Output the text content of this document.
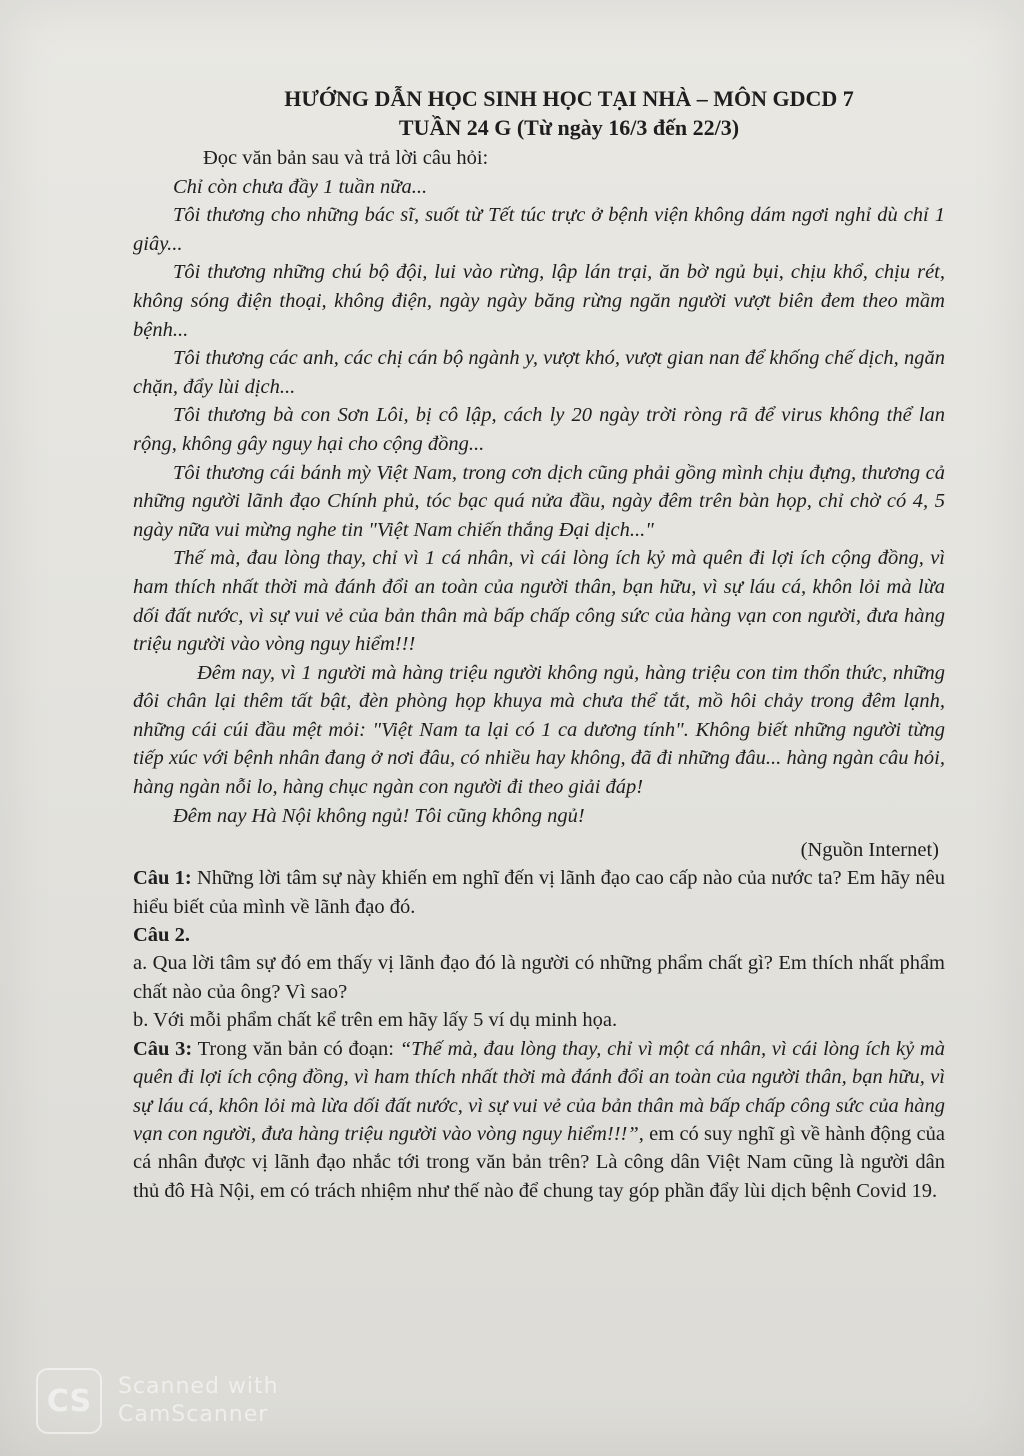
HƯỚNG DẪN HỌC SINH HỌC TẠI NHÀ – MÔN GDCD 7

TUẦN 24 G (Từ ngày 16/3 đến 22/3)

Đọc văn bản sau và trả lời câu hỏi:

Chỉ còn chưa đầy 1 tuần nữa...

Tôi thương cho những bác sĩ, suốt từ Tết túc trực ở bệnh viện không dám ngơi nghỉ dù chỉ 1 giây...

Tôi thương những chú bộ đội, lui vào rừng, lập lán trại, ăn bờ ngủ bụi, chịu khổ, chịu rét, không sóng điện thoại, không điện, ngày ngày băng rừng ngăn người vượt biên đem theo mầm bệnh...

Tôi thương các anh, các chị cán bộ ngành y, vượt khó, vượt gian nan để khống chế dịch, ngăn chặn, đẩy lùi dịch...

Tôi thương bà con Sơn Lôi, bị cô lập, cách ly 20 ngày trời ròng rã để virus không thể lan rộng, không gây nguy hại cho cộng đồng...

Tôi thương cái bánh mỳ Việt Nam, trong cơn dịch cũng phải gồng mình chịu đựng, thương cả những người lãnh đạo Chính phủ, tóc bạc quá nửa đầu, ngày đêm trên bàn họp, chỉ chờ có 4, 5 ngày nữa vui mừng nghe tin "Việt Nam chiến thắng Đại dịch..."

Thế mà, đau lòng thay, chỉ vì 1 cá nhân, vì cái lòng ích kỷ mà quên đi lợi ích cộng đồng, vì ham thích nhất thời mà đánh đổi an toàn của người thân, bạn hữu, vì sự láu cá, khôn lỏi mà lừa dối đất nước, vì sự vui vẻ của bản thân mà bấp chấp công sức của hàng vạn con người, đưa hàng triệu người vào vòng nguy hiểm!!!

Đêm nay, vì 1 người mà hàng triệu người không ngủ, hàng triệu con tim thổn thức, những đôi chân lại thêm tất bật, đèn phòng họp khuya mà chưa thể tắt, mồ hôi chảy trong đêm lạnh, những cái cúi đầu mệt mỏi: "Việt Nam ta lại có 1 ca dương tính". Không biết những người từng tiếp xúc với bệnh nhân đang ở nơi đâu, có nhiều hay không, đã đi những đâu... hàng ngàn câu hỏi, hàng ngàn nỗi lo, hàng chục ngàn con người đi theo giải đáp!

Đêm nay Hà Nội không ngủ! Tôi cũng không ngủ!

(Nguồn Internet)

Câu 1: Những lời tâm sự này khiến em nghĩ đến vị lãnh đạo cao cấp nào của nước ta? Em hãy nêu hiểu biết của mình về lãnh đạo đó.

Câu 2.

a. Qua lời tâm sự đó em thấy vị lãnh đạo đó là người có những phẩm chất gì? Em thích nhất phẩm chất nào của ông? Vì sao?

b. Với mỗi phẩm chất kể trên em hãy lấy 5 ví dụ minh họa.

Câu 3: Trong văn bản có đoạn: “Thế mà, đau lòng thay, chỉ vì một cá nhân, vì cái lòng ích kỷ mà quên đi lợi ích cộng đồng, vì ham thích nhất thời mà đánh đổi an toàn của người thân, bạn hữu, vì sự láu cá, khôn lỏi mà lừa dối đất nước, vì sự vui vẻ của bản thân mà bấp chấp công sức của hàng vạn con người, đưa hàng triệu người vào vòng nguy hiểm!!!”, em có suy nghĩ gì về hành động của cá nhân được vị lãnh đạo nhắc tới trong văn bản trên? Là công dân Việt Nam cũng là người dân thủ đô Hà Nội, em có trách nhiệm như thế nào để chung tay góp phần đẩy lùi dịch bệnh Covid 19.

CS	Scanned with
CamScanner
